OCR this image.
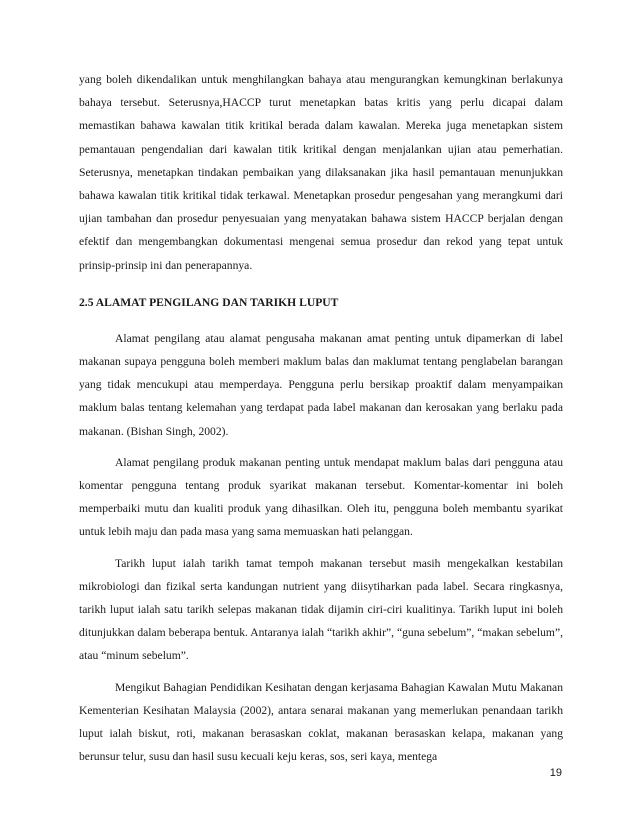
yang boleh dikendalikan untuk menghilangkan bahaya atau mengurangkan kemungkinan berlakunya bahaya tersebut. Seterusnya,HACCP turut menetapkan batas kritis yang perlu dicapai dalam memastikan bahawa kawalan titik kritikal berada dalam kawalan. Mereka juga menetapkan sistem pemantauan pengendalian dari kawalan titik kritikal dengan menjalankan ujian atau pemerhatian. Seterusnya, menetapkan tindakan pembaikan yang dilaksanakan jika hasil pemantauan menunjukkan bahawa kawalan titik kritikal tidak terkawal. Menetapkan prosedur pengesahan yang merangkumi dari ujian tambahan dan prosedur penyesuaian yang menyatakan bahawa sistem HACCP berjalan dengan efektif dan mengembangkan dokumentasi mengenai semua prosedur dan rekod yang tepat untuk prinsip-prinsip ini dan penerapannya.

2.5 ALAMAT PENGILANG DAN TARIKH LUPUT

Alamat pengilang atau alamat pengusaha makanan amat penting untuk dipamerkan di label makanan supaya pengguna boleh memberi maklum balas dan maklumat tentang penglabelan barangan yang tidak mencukupi atau memperdaya. Pengguna perlu bersikap proaktif dalam menyampaikan maklum balas tentang kelemahan yang terdapat pada label makanan dan kerosakan yang berlaku pada makanan. (Bishan Singh, 2002).

Alamat pengilang produk makanan penting untuk mendapat maklum balas dari pengguna atau komentar pengguna tentang produk syarikat makanan tersebut. Komentar-komentar ini boleh memperbaiki mutu dan kualiti produk yang dihasilkan. Oleh itu, pengguna boleh membantu syarikat untuk lebih maju dan pada masa yang sama memuaskan hati pelanggan.

Tarikh luput ialah tarikh tamat tempoh makanan tersebut masih mengekalkan kestabilan mikrobiologi dan fizikal serta kandungan nutrient yang diisytiharkan pada label. Secara ringkasnya, tarikh luput ialah satu tarikh selepas makanan tidak dijamin ciri-ciri kualitinya. Tarikh luput ini boleh ditunjukkan dalam beberapa bentuk. Antaranya ialah “tarikh akhir”, “guna sebelum”, “makan sebelum”, atau “minum sebelum”.

Mengikut Bahagian Pendidikan Kesihatan dengan kerjasama Bahagian Kawalan Mutu Makanan Kementerian Kesihatan Malaysia (2002), antara senarai makanan yang memerlukan penandaan tarikh luput ialah biskut, roti, makanan berasaskan coklat, makanan berasaskan kelapa, makanan yang berunsur telur, susu dan hasil susu kecuali keju keras, sos, seri kaya, mentega

19
